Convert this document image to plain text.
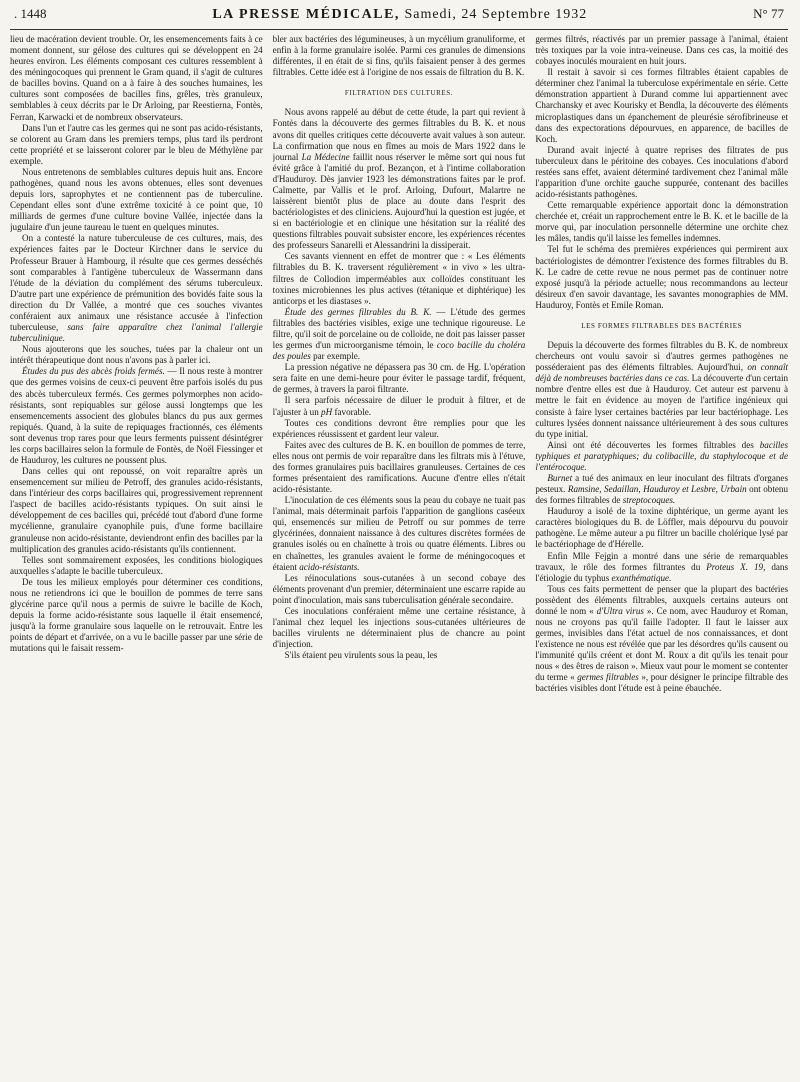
. 1448	LA PRESSE MÉDICALE, Samedi, 24 Septembre 1932	N° 77

lieu de macération devient trouble. Or, les ensemencements faits à ce moment donnent, sur gélose des cultures qui se développent en 24 heures environ. Les éléments composant ces cultures ressemblent à des méningocoques qui prennent le Gram quand, il s'agit de cultures de bacilles bovins. Quand on a à faire à des souches humaines, les cultures sont composées de bacilles fins, grêles, très granuleux, semblables à ceux décrits par le Dr Arloing, par Reestierna, Fontès, Ferran, Karwacki et de nombreux observateurs.

Dans l'un et l'autre cas les germes qui ne sont pas acido-résistants, se colorent au Gram dans les premiers temps, plus tard ils perdront cette propriété et se laisseront colorer par le bleu de Méthylène par exemple.

Nous entretenons de semblables cultures depuis huit ans. Encore pathogènes, quand nous les avons obtenues, elles sont devenues depuis lors, saprophytes et ne contiennent pas de tuberculine. Cependant elles sont d'une extrême toxicité à ce point que, 10 milliards de germes d'une culture bovine Vallée, injectée dans la jugulaire d'un jeune taureau le tuent en quelques minutes.

On a contesté la nature tuberculeuse de ces cultures, mais, des expériences faites par le Docteur Kirchner dans le service du Professeur Brauer à Hambourg, il résulte que ces germes desséchés sont comparables à l'antigène tuberculeux de Wassermann dans l'étude de la déviation du complément des sérums tuberculeux. D'autre part une expérience de prémunition des bovidés faite sous la direction du Dr Vallée, a montré que ces souches vivantes conféraient aux animaux une résistance accusée à l'infection tuberculeuse, sans faire apparaître chez l'animal l'allergie tuberculinique.

Nous ajouterons que les souches, tuées par la chaleur ont un intérêt thérapeutique dont nous n'avons pas à parler ici.

Études du pus des abcès froids fermés. — Il nous reste à montrer que des germes voisins de ceux-ci peuvent être parfois isolés du pus des abcès tuberculeux fermés. Ces germes polymorphes non acido-résistants, sont repiquables sur gélose aussi longtemps que les ensemencements associent des globules blancs du pus aux germes repiqués. Quand, à la suite de repiquages fractionnés, ces éléments sont devenus trop rares pour que leurs ferments puissent désintégrer les corps bacillaires selon la formule de Fontès, de Noël Fiessinger et de Hauduroy, les cultures ne poussent plus.

Dans celles qui ont repoussé, on voit reparaître après un ensemencement sur milieu de Petroff, des granules acido-résistants, dans l'intérieur des corps bacillaires qui, progressivement reprennent l'aspect de bacilles acido-résistants typiques. On suit ainsi le développement de ces bacilles qui, précédé tout d'abord d'une forme mycélienne, granulaire cyanophile puis, d'une forme bacillaire granuleuse non acido-résistante, deviendront enfin des bacilles par la multiplication des granules acido-résistants qu'ils contiennent.

Telles sont sommairement exposées, les conditions biologiques auxquelles s'adapte le bacille tuberculeux.

De tous les milieux employés pour déterminer ces conditions, nous ne retiendrons ici que le bouillon de pommes de terre sans glycérine parce qu'il nous a permis de suivre le bacille de Koch, depuis la forme acido-résistante sous laquelle il était ensemencé, jusqu'à la forme granulaire sous laquelle on le retrouvait. Entre les points de départ et d'arrivée, on a vu le bacille passer par une série de mutations qui le faisait ressem-

bler aux bactéries des légumineuses, à un mycélium granuliforme, et enfin à la forme granulaire isolée. Parmi ces granules de dimensions différentes, il en était de si fins, qu'ils faisaient penser à des germes filtrables. Cette idée est à l'origine de nos essais de filtration du B. K.

FILTRATION DES CULTURES.

Nous avons rappelé au début de cette étude, la part qui revient à Fontès dans la découverte des germes filtrables du B. K. et nous avons dit quelles critiques cette découverte avait values à son auteur. La confirmation que nous en fîmes au mois de Mars 1922 dans le journal La Médecine faillit nous réserver le même sort qui nous fut évité grâce à l'amitié du prof. Bezançon, et à l'intime collaboration d'Hauduroy. Dès janvier 1923 les démonstrations faites par le prof. Calmette, par Vallis et le prof. Arloing, Dufourt, Malartre ne laissèrent bientôt plus de place au doute dans l'esprit des bactériologistes et des cliniciens. Aujourd'hui la question est jugée, et si en bactériologie et en clinique une hésitation sur la réalité des questions filtrables pouvait subsister encore, les expériences récentes des professeurs Sanarelli et Alessandrini la dissiperait.

Ces savants viennent en effet de montrer que : « Les éléments filtrables du B. K. traversent régulièrement « in vivo » les ultra-filtres de Collodion imperméables aux colloïdes constituant les toxines microbiennes les plus actives (tétanique et diphtérique) les anticorps et les diastases ».

Étude des germes filtrables du B. K. — L'étude des germes filtrables des bactéries visibles, exige une technique rigoureuse. Le filtre, qu'il soit de porcelaine ou de colloïde, ne doit pas laisser passer les germes d'un microorganisme témoin, le coco bacille du choléra des poules par exemple.

La pression négative ne dépassera pas 30 cm. de Hg. L'opération sera faite en une demi-heure pour éviter le passage tardif, fréquent, de germes, à travers la paroi filtrante.

Il sera parfois nécessaire de diluer le produit à filtrer, et de l'ajuster à un pH favorable.

Toutes ces conditions devront être remplies pour que les expériences réussissent et gardent leur valeur.

Faites avec des cultures de B. K. en bouillon de pommes de terre, elles nous ont permis de voir reparaître dans les filtrats mis à l'étuve, des formes granulaires puis bacillaires granuleuses. Certaines de ces formes présentaient des ramifications. Aucune d'entre elles n'était acido-résistante.

L'inoculation de ces éléments sous la peau du cobaye ne tuait pas l'animal, mais déterminait parfois l'apparition de ganglions caséeux qui, ensemencés sur milieu de Petroff ou sur pommes de terre glycérinées, donnaient naissance à des cultures discrètes formées de granules isolés ou en chaînette à trois ou quatre éléments. Libres ou en chaînettes, les granules avaient le forme de méningocoques et étaient acido-résistants.

Les réinoculations sous-cutanées à un second cobaye des éléments provenant d'un premier, déterminaient une escarre rapide au point d'inoculation, mais sans tuberculisation générale secondaire.

Ces inoculations conféraient même une certaine résistance, à l'animal chez lequel les injections sous-cutanées ultérieures de bacilles virulents ne déterminaient plus de chancre au point d'injection.

S'ils étaient peu virulents sous la peau, les

germes filtrés, réactivés par un premier passage à l'animal, étaient très toxiques par la voie intra-veineuse. Dans ces cas, la moitié des cobayes inoculés mouraient en huit jours.

Il restait à savoir si ces formes filtrables étaient capables de déterminer chez l'animal la tuberculose expérimentale en série. Cette démonstration appartient à Durand comme lui appartiennent avec Charchansky et avec Kourisky et Bendla, la découverte des éléments microplastiques dans un épanchement de pleurésie sérofibrineuse et dans des expectorations dépourvues, en apparence, de bacilles de Koch.

Durand avait injecté à quatre reprises des filtrates de pus tuberculeux dans le péritoine des cobayes. Ces inoculations d'abord restées sans effet, avaient déterminé tardivement chez l'animal mâle l'apparition d'une orchite gauche suppurée, contenant des bacilles acido-résistants pathogènes.

Cette remarquable expérience apportait donc la démonstration cherchée et, créait un rapprochement entre le B. K. et le bacille de la morve qui, par inoculation personnelle détermine une orchite chez les mâles, tandis qu'il laisse les femelles indemnes.

Tel fut le schéma des premières expériences qui permirent aux bactériologistes de démontrer l'existence des formes filtrables du B. K. Le cadre de cette revue ne nous permet pas de continuer notre exposé jusqu'à la période actuelle; nous recommandons au lecteur désireux d'en savoir davantage, les savantes monographies de MM. Hauduroy, Fontès et Emile Roman.

LES FORMES FILTRABLES DES BACTÉRIES

Depuis la découverte des formes filtrables du B. K. de nombreux chercheurs ont voulu savoir si d'autres germes pathogènes ne posséderaient pas des éléments filtrables. Aujourd'hui, on connaît déjà de nombreuses bactéries dans ce cas. La découverte d'un certain nombre d'entre elles est due à Hauduroy. Cet auteur est parvenu à mettre le fait en évidence au moyen de l'artifice ingénieux qui consiste à faire lyser certaines bactéries par leur bactériophage. Les cultures lysées donnent naissance ultérieurement à des sous cultures du type initial.

Ainsi ont été découvertes les formes filtrables des bacilles typhiques et paratyphiques; du colibacille, du staphylocoque et de l'entérocoque.

Burnet a tué des animaux en leur inoculant des filtrats d'organes pesteux. Ramsine, Sedaillan, Hauduroy et Lesbre, Urbain ont obtenu des formes filtrables de streptocoques.

Hauduroy a isolé de la toxine diphtérique, un germe ayant les caractères biologiques du B. de Löffler, mais dépourvu du pouvoir pathogène. Le même auteur a pu filtrer un bacille cholérique lysé par le bactériophage de d'Hérelle.

Enfin Mlle Fejgin a montré dans une série de remarquables travaux, le rôle des formes filtrantes du Proteus X. 19, dans l'étiologie du typhus exanthématique.

Tous ces faits permettent de penser que la plupart des bactéries possèdent des éléments filtrables, auxquels certains auteurs ont donné le nom « d'Ultra virus ». Ce nom, avec Hauduroy et Roman, nous ne croyons pas qu'il faille l'adopter. Il faut le laisser aux germes, invisibles dans l'état actuel de nos connaissances, et dont l'existence ne nous est révélée que par les désordres qu'ils causent ou l'immunité qu'ils créent et dont M. Roux a dit qu'ils les tenait pour nous « des êtres de raison ». Mieux vaut pour le moment se contenter du terme « germes filtrables », pour désigner le principe filtrable des bactéries visibles dont l'étude est à peine ébauchée.
